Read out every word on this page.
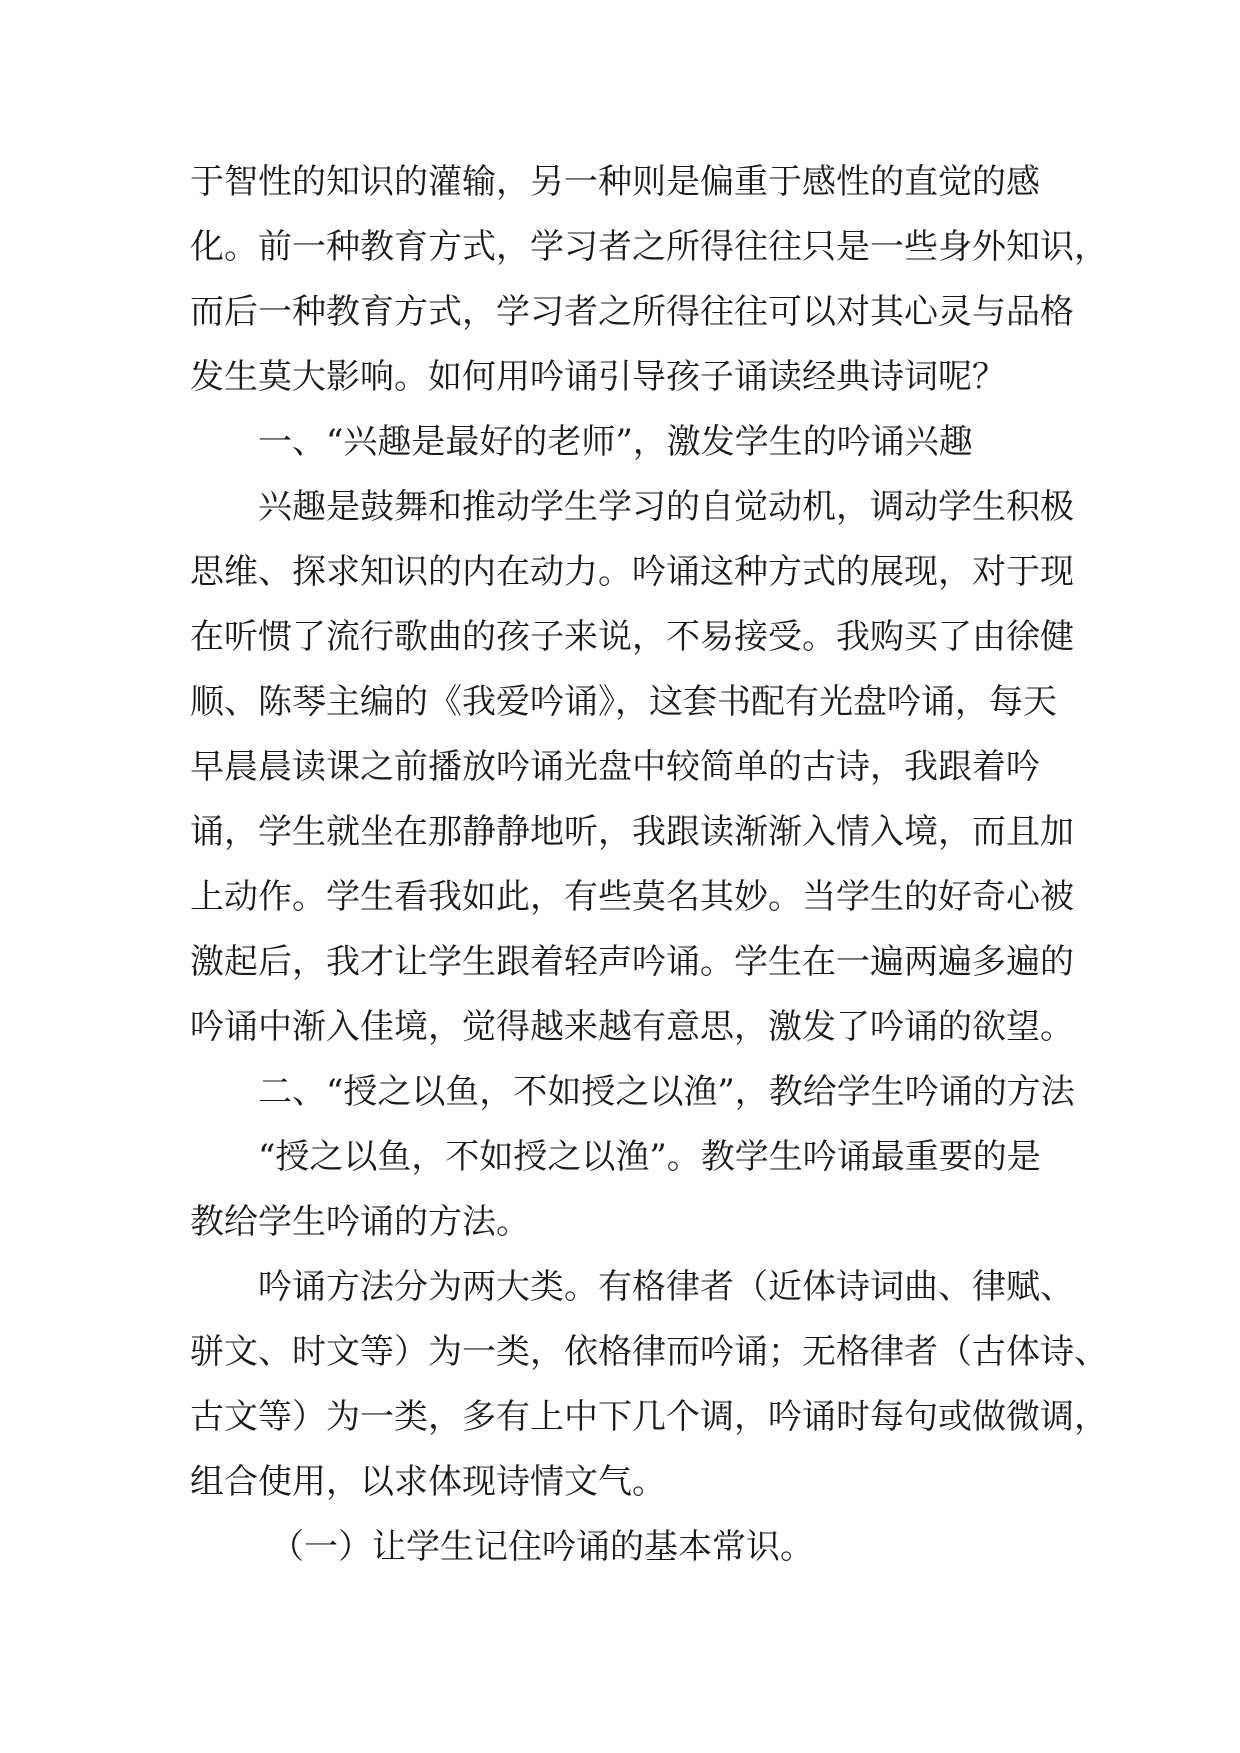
于智性的知识的灌输，另一种则是偏重于感性的直觉的感
化。前一种教育方式，学习者之所得往往只是一些身外知识，
而后一种教育方式，学习者之所得往往可以对其心灵与品格
发生莫大影响。如何用吟诵引导孩子诵读经典诗词呢？
一、“兴趣是最好的老师”，激发学生的吟诵兴趣
兴趣是鼓舞和推动学生学习的自觉动机，调动学生积极
思维、探求知识的内在动力。吟诵这种方式的展现，对于现
在听惯了流行歌曲的孩子来说，不易接受。我购买了由徐健
顺、陈琴主编的《我爱吟诵》，这套书配有光盘吟诵，每天
早晨晨读课之前播放吟诵光盘中较简单的古诗，我跟着吟
诵，学生就坐在那静静地听，我跟读渐渐入情入境，而且加
上动作。学生看我如此，有些莫名其妙。当学生的好奇心被
激起后，我才让学生跟着轻声吟诵。学生在一遍两遍多遍的
吟诵中渐入佳境，觉得越来越有意思，激发了吟诵的欲望。
二、“授之以鱼，不如授之以渔”，教给学生吟诵的方法
“授之以鱼，不如授之以渔”。教学生吟诵最重要的是
教给学生吟诵的方法。
吟诵方法分为两大类。有格律者（近体诗词曲、律赋、
骈文、时文等）为一类，依格律而吟诵；无格律者（古体诗、
古文等）为一类，多有上中下几个调，吟诵时每句或做微调，
组合使用，以求体现诗情文气。
（一）让学生记住吟诵的基本常识。
